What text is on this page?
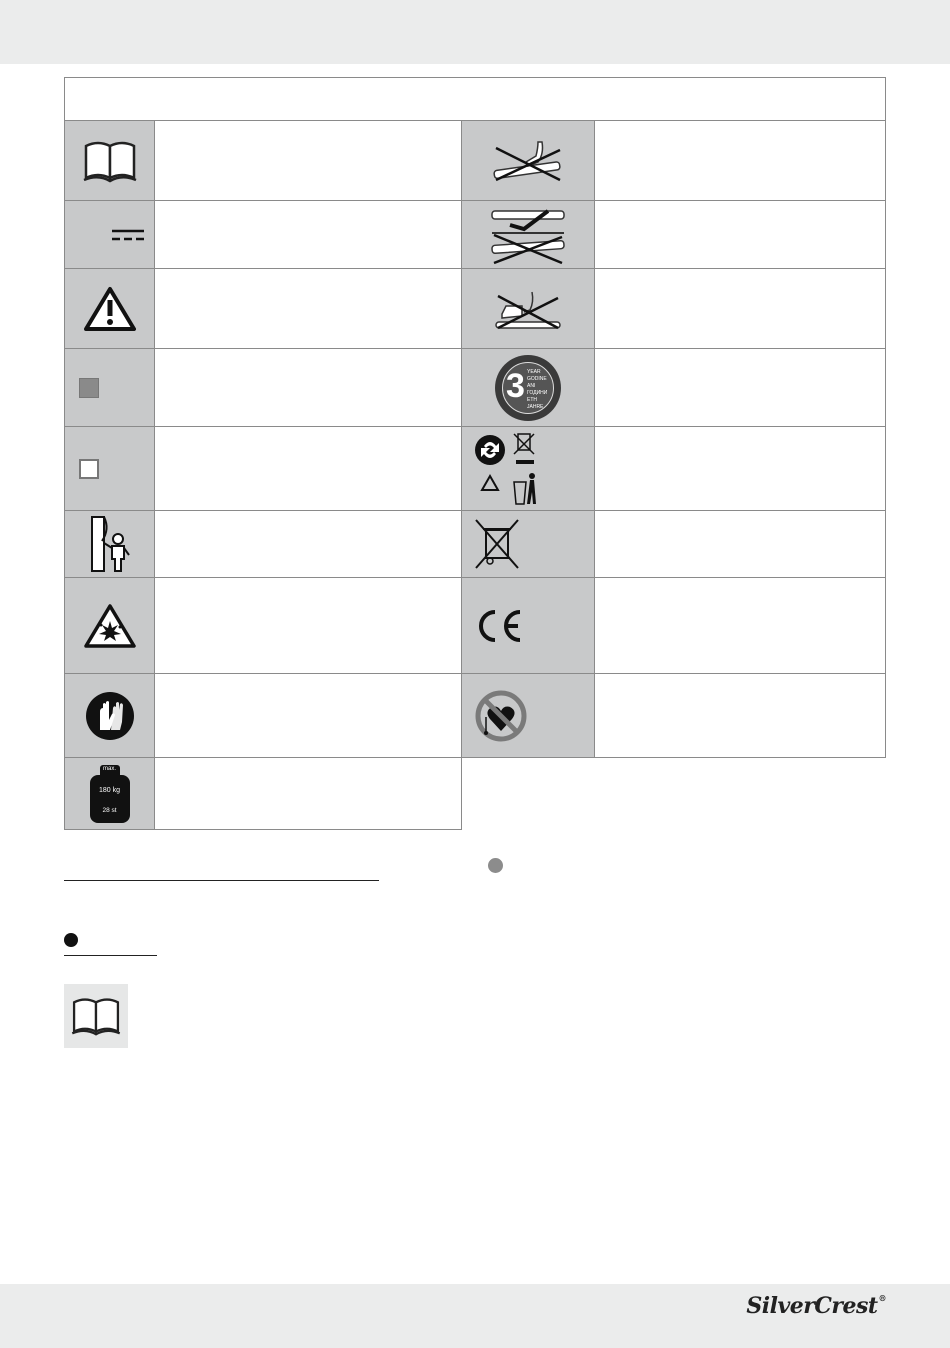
max.
180 kg
28 st
3 YEAR
GODINE
ANI
ГОДИНИ
ETH
JAHRE
SilverCrest®
